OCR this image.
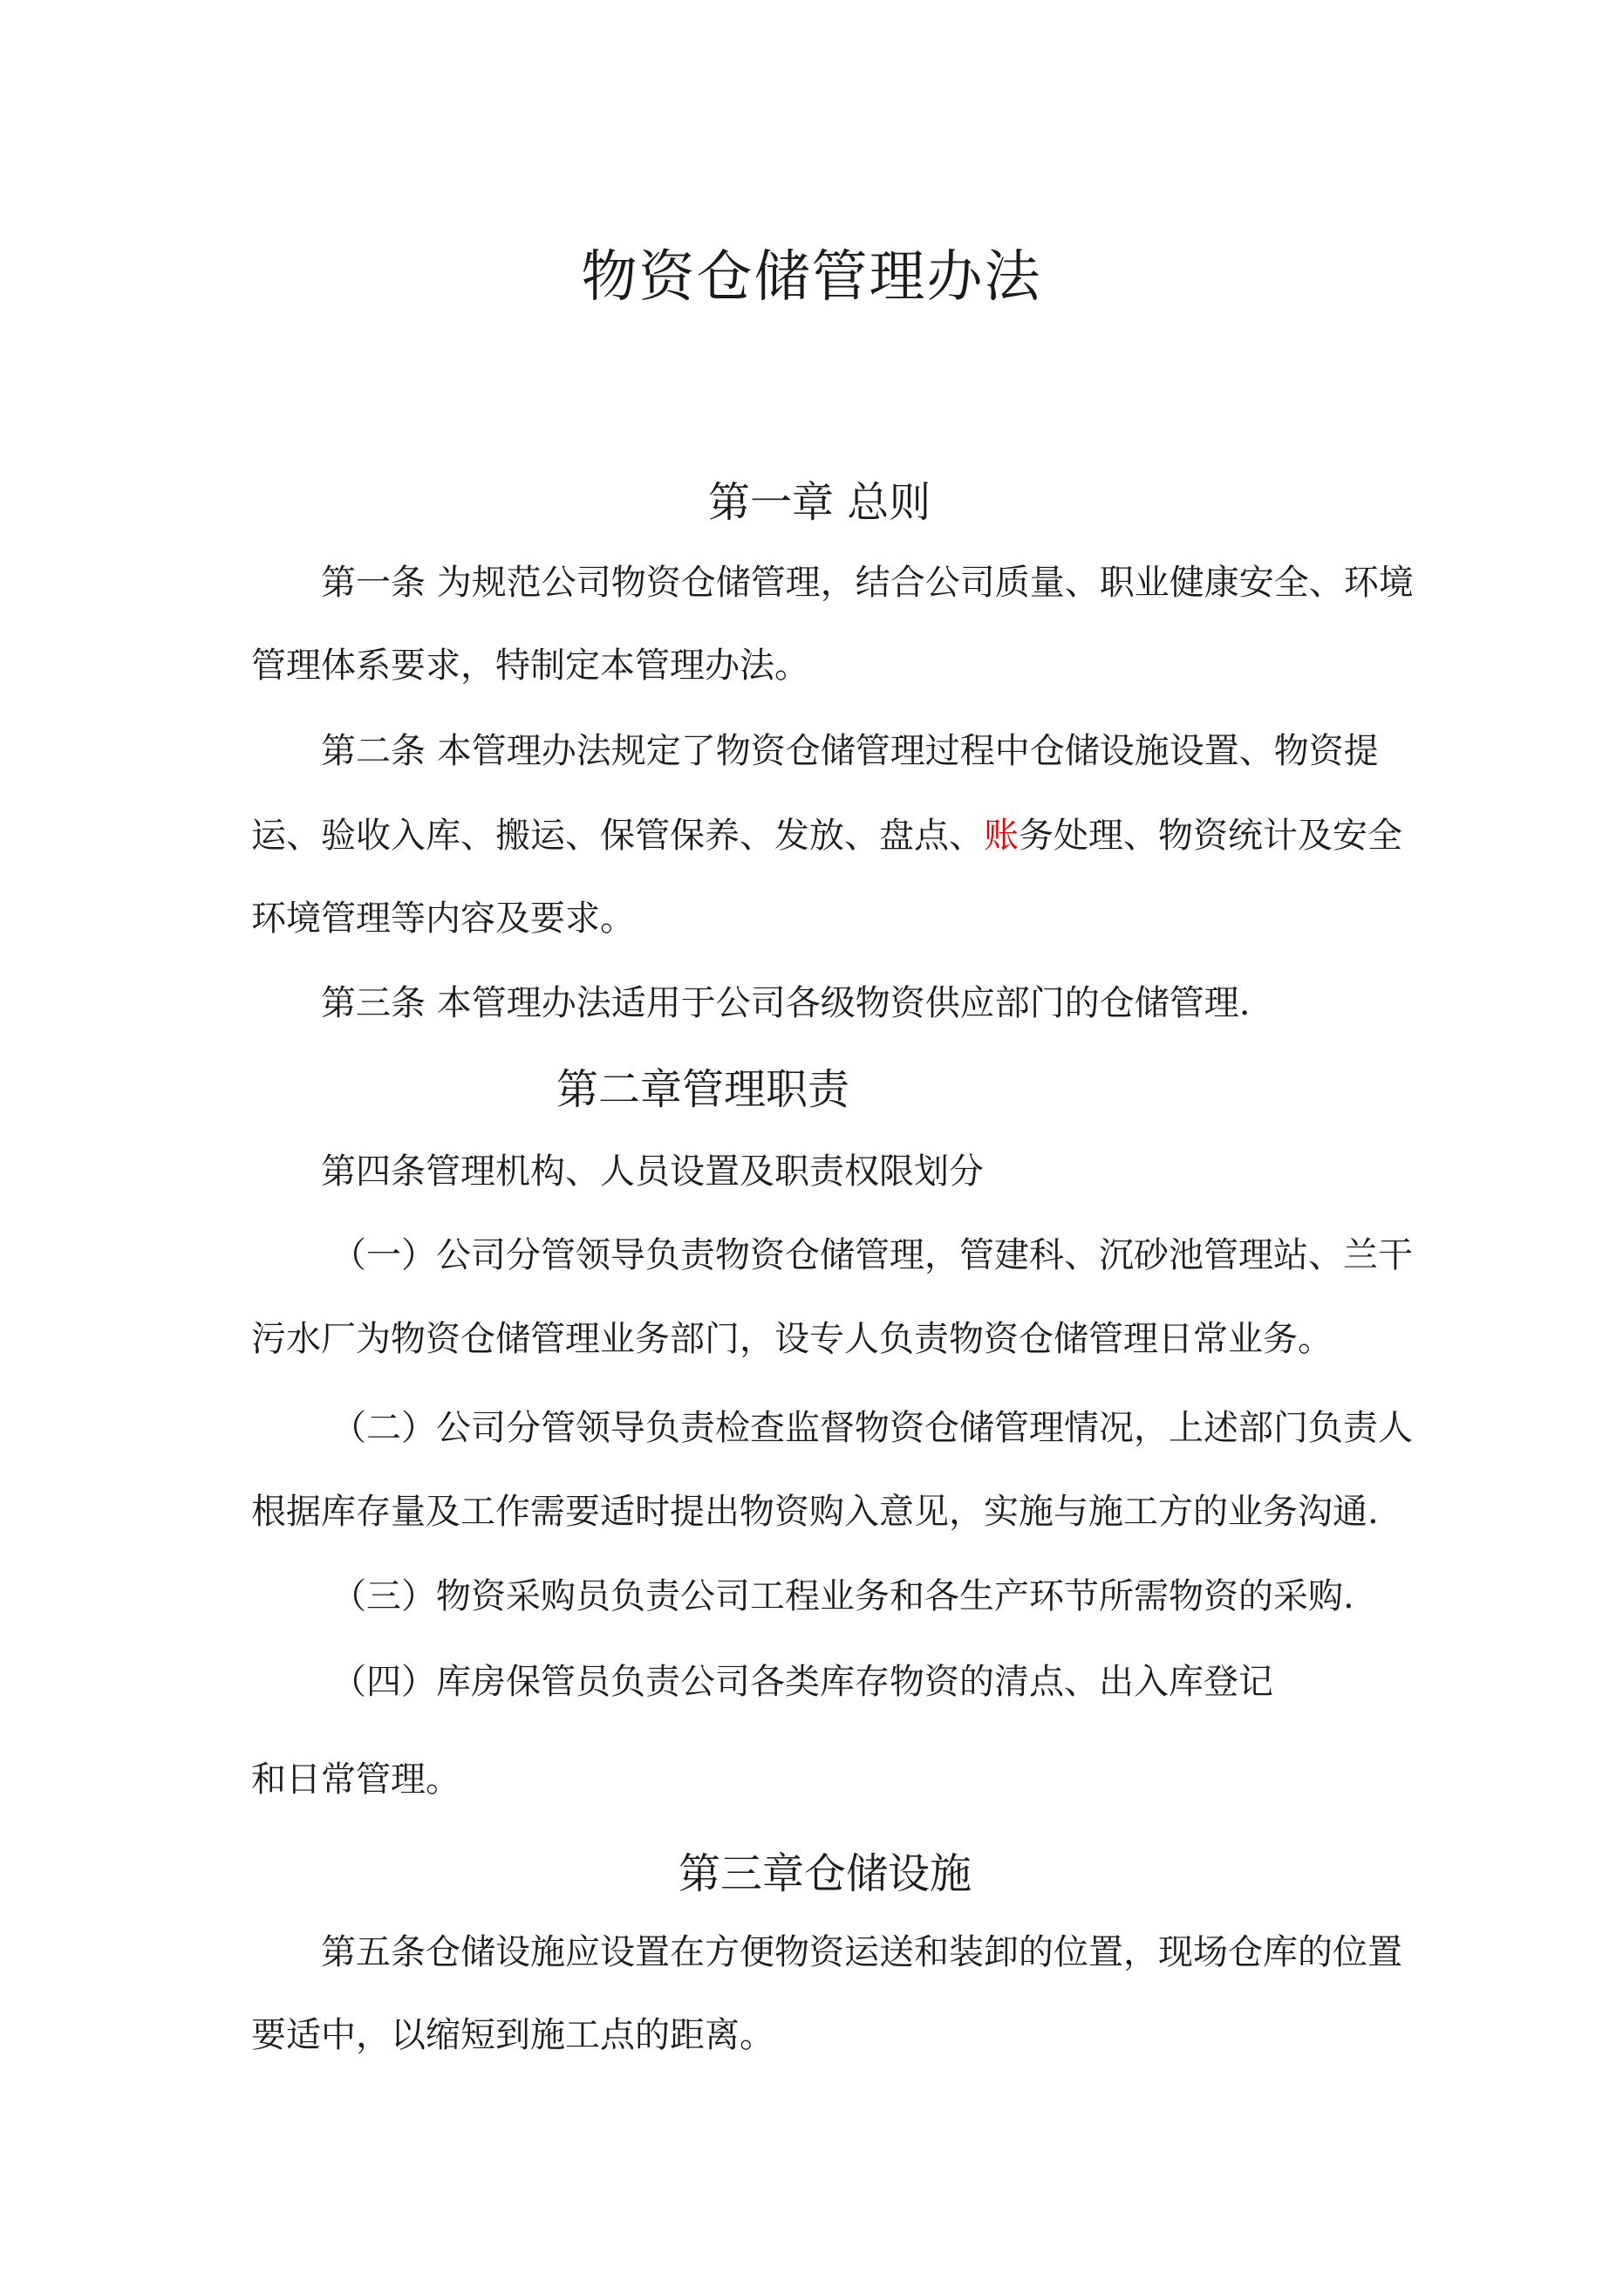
物资仓储管理办法
第一章 总则

第一条 为规范公司物资仓储管理，结合公司质量、职业健康安全、环境

管理体系要求，特制定本管理办法。

第二条 本管理办法规定了物资仓储管理过程中仓储设施设置、物资提

运、验收入库、搬运、保管保养、发放、盘点、账务处理、物资统计及安全

环境管理等内容及要求。

第三条 本管理办法适用于公司各级物资供应部门的仓储管理.

第二章管理职责

第四条管理机构、人员设置及职责权限划分

（一）公司分管领导负责物资仓储管理，管建科、沉砂池管理站、兰干

污水厂为物资仓储管理业务部门，设专人负责物资仓储管理日常业务。

（二）公司分管领导负责检查监督物资仓储管理情况，上述部门负责人

根据库存量及工作需要适时提出物资购入意见，实施与施工方的业务沟通.

（三）物资采购员负责公司工程业务和各生产环节所需物资的采购.

（四）库房保管员负责公司各类库存物资的清点、出入库登记

和日常管理。

第三章仓储设施

第五条仓储设施应设置在方便物资运送和装卸的位置，现场仓库的位置

要适中，以缩短到施工点的距离。
